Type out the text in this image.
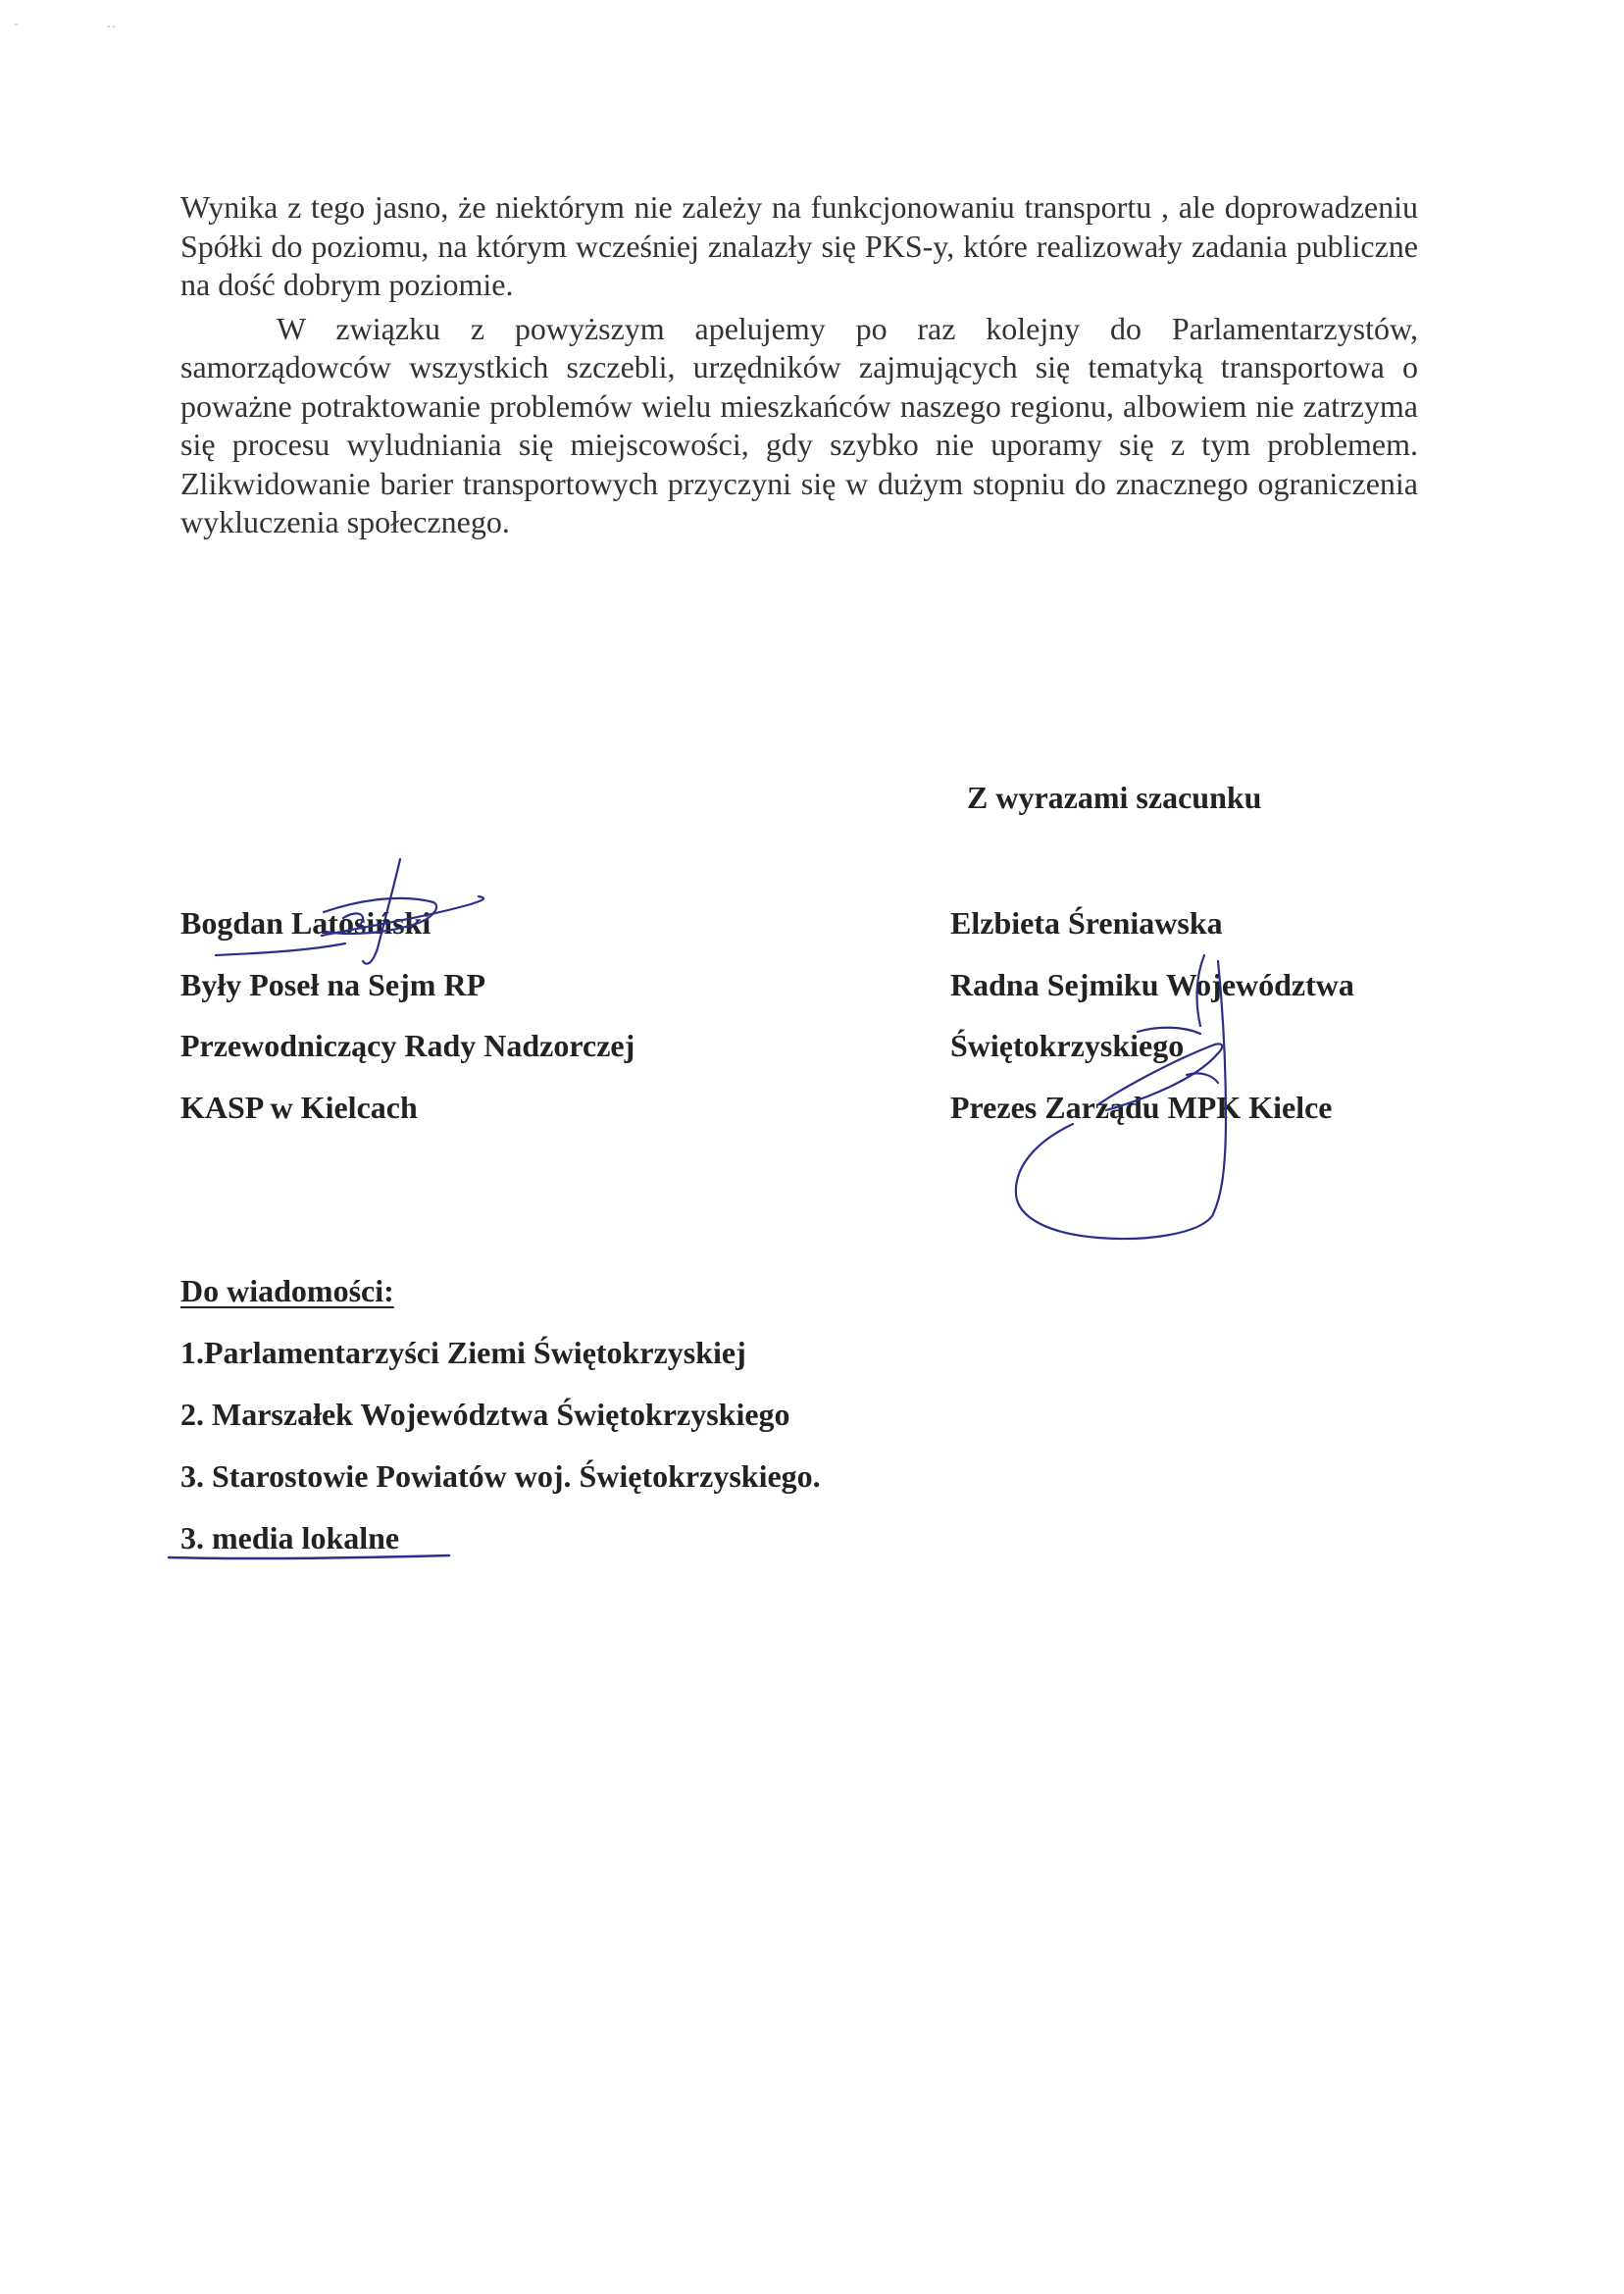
-‥

Wynika z tego jasno, że niektórym nie zależy na funkcjonowaniu transportu , ale doprowadzeniu Spółki do poziomu, na którym wcześniej znalazły się PKS-y, które realizowały zadania publiczne na dość dobrym poziomie.

W związku z powyższym apelujemy po raz kolejny do Parlamentarzystów, samorządowców wszystkich szczebli, urzędników zajmujących się tematyką transportowa o poważne potraktowanie problemów wielu mieszkańców naszego regionu, albowiem nie zatrzyma się procesu wyludniania się miejscowości, gdy szybko nie uporamy się z tym problemem. Zlikwidowanie barier transportowych przyczyni się w dużym stopniu do znacznego ograniczenia wykluczenia społecznego.

Z wyrazami szacunku
Bogdan Latosiński
Były Poseł na Sejm RP
Przewodniczący Rady Nadzorczej
KASP w Kielcach
Elzbieta Śreniawska
Radna Sejmiku Województwa
Świętokrzyskiego
Prezes Zarządu MPK Kielce
Do wiadomości:
1.Parlamentarzyści Ziemi Świętokrzyskiej
2. Marszałek Województwa Świętokrzyskiego
3. Starostowie Powiatów woj. Świętokrzyskiego.
3. media lokalne
